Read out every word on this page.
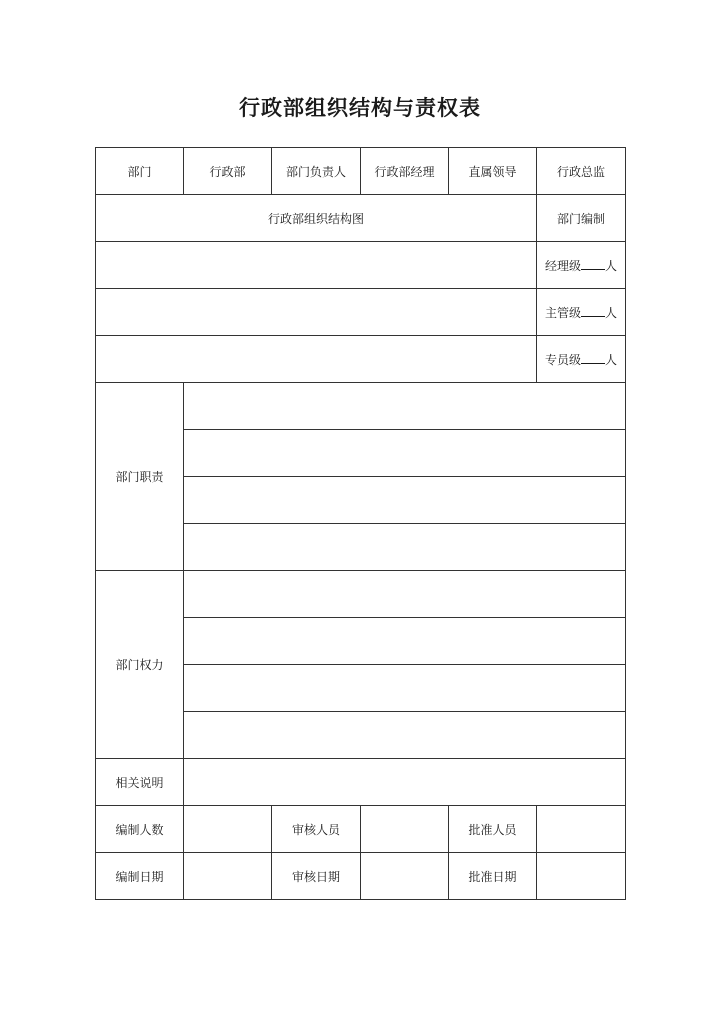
行政部组织结构与责权表
部门	行政部	部门负责人	行政部经理	直属领导	行政总监
行政部组织结构图					部门编制
					经理级 人
					主管级 人
					专员级 人
部门职责					

部门权力					

相关说明					
编制人数		审核人员		批准人员	
编制日期		审核日期		批准日期	
